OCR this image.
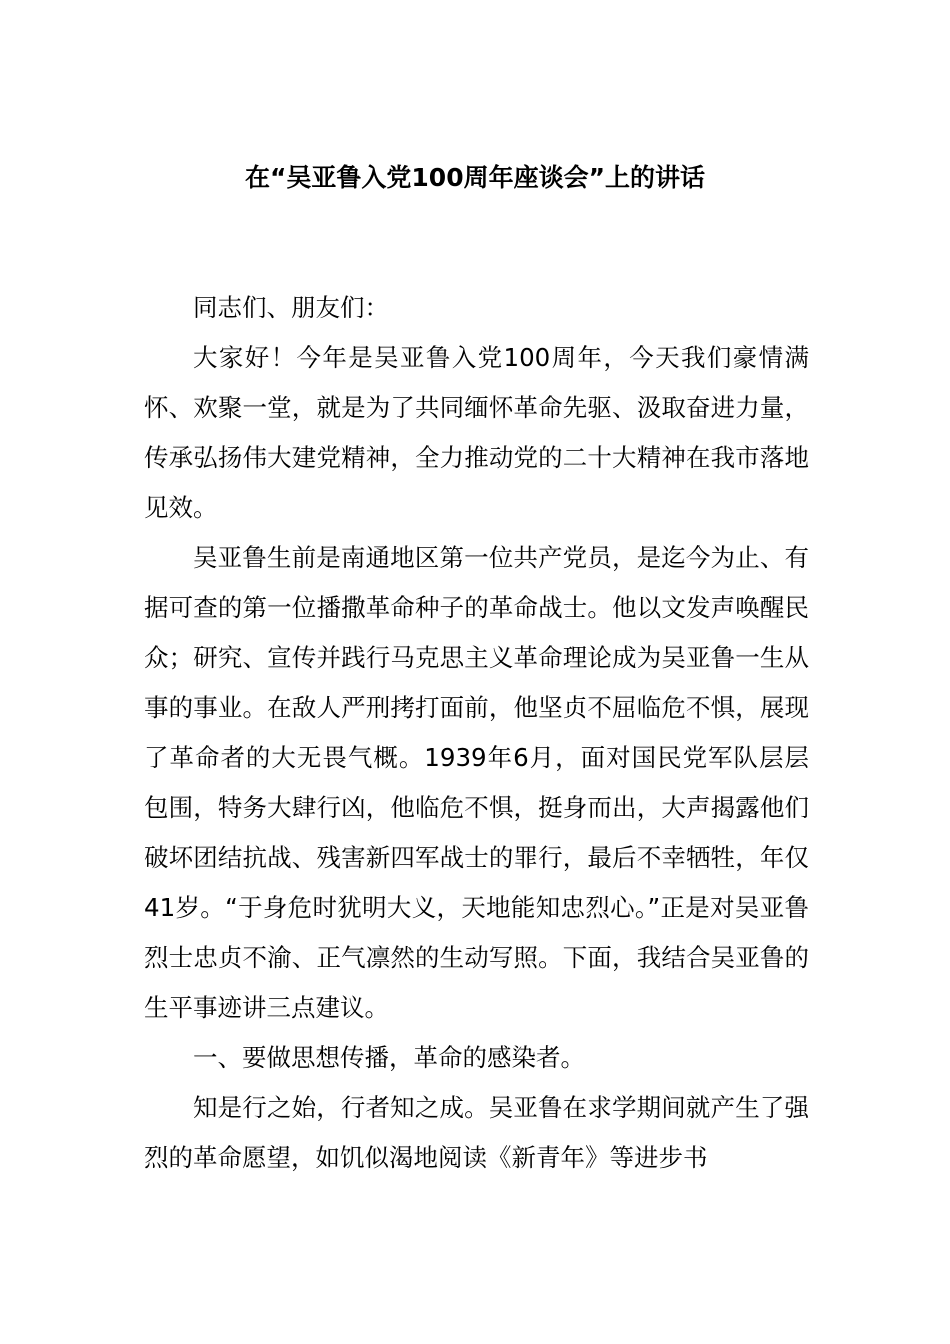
在“吴亚鲁入党100周年座谈会”上的讲话

同志们、朋友们：

大家好！今年是吴亚鲁入党100周年，今天我们豪情满怀、欢聚一堂，就是为了共同缅怀革命先驱、汲取奋进力量，传承弘扬伟大建党精神，全力推动党的二十大精神在我市落地见效。

吴亚鲁生前是南通地区第一位共产党员，是迄今为止、有据可查的第一位播撒革命种子的革命战士。他以文发声唤醒民众；研究、宣传并践行马克思主义革命理论成为吴亚鲁一生从事的事业。在敌人严刑拷打面前，他坚贞不屈临危不惧，展现了革命者的大无畏气概。1939年6月，面对国民党军队层层包围，特务大肆行凶，他临危不惧，挺身而出，大声揭露他们破坏团结抗战、残害新四军战士的罪行，最后不幸牺牲，年仅41岁。“于身危时犹明大义，天地能知忠烈心。”正是对吴亚鲁烈士忠贞不渝、正气凛然的生动写照。下面，我结合吴亚鲁的生平事迹讲三点建议。

一、要做思想传播，革命的感染者。

知是行之始，行者知之成。吴亚鲁在求学期间就产生了强烈的革命愿望，如饥似渴地阅读《新青年》等进步书
